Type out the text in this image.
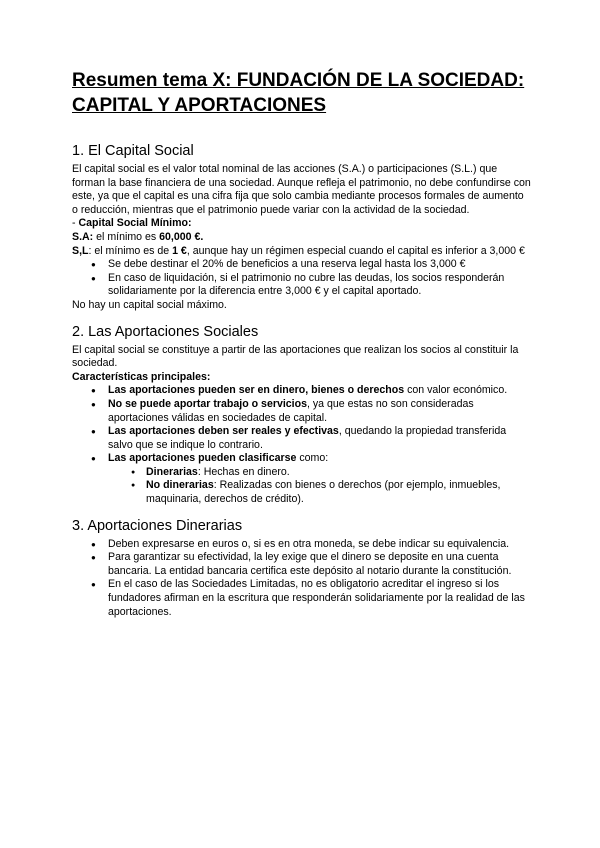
Resumen tema X: FUNDACIÓN DE LA SOCIEDAD:
CAPITAL Y APORTACIONES
1. El Capital Social

El capital social es el valor total nominal de las acciones (S.A.) o participaciones (S.L.) que forman la base financiera de una sociedad. Aunque refleja el patrimonio, no debe confundirse con este, ya que el capital es una cifra fija que solo cambia mediante procesos formales de aumento o reducción, mientras que el patrimonio puede variar con la actividad de la sociedad.

- Capital Social Mínimo:

S.A: el mínimo es 60,000 €.

S,L: el mínimo es de 1 €, aunque hay un régimen especial cuando el capital es inferior a 3,000 €

● Se debe destinar el 20% de beneficios a una reserva legal hasta los 3,000 €
● En caso de liquidación, si el patrimonio no cubre las deudas, los socios responderán solidariamente por la diferencia entre 3,000 € y el capital aportado.

No hay un capital social máximo.

2. Las Aportaciones Sociales

El capital social se constituye a partir de las aportaciones que realizan los socios al constituir la sociedad.

Características principales:

● Las aportaciones pueden ser en dinero, bienes o derechos con valor económico.
● No se puede aportar trabajo o servicios, ya que estas no son consideradas aportaciones válidas en sociedades de capital.
● Las aportaciones deben ser reales y efectivas, quedando la propiedad transferida salvo que se indique lo contrario.
● Las aportaciones pueden clasificarse como:
● Dinerarias: Hechas en dinero.
● No dinerarias: Realizadas con bienes o derechos (por ejemplo, inmuebles, maquinaria, derechos de crédito).
3. Aportaciones Dinerarias
● Deben expresarse en euros o, si es en otra moneda, se debe indicar su equivalencia.
● Para garantizar su efectividad, la ley exige que el dinero se deposite en una cuenta bancaria. La entidad bancaria certifica este depósito al notario durante la constitución.
● En el caso de las Sociedades Limitadas, no es obligatorio acreditar el ingreso si los fundadores afirman en la escritura que responderán solidariamente por la realidad de las aportaciones.
